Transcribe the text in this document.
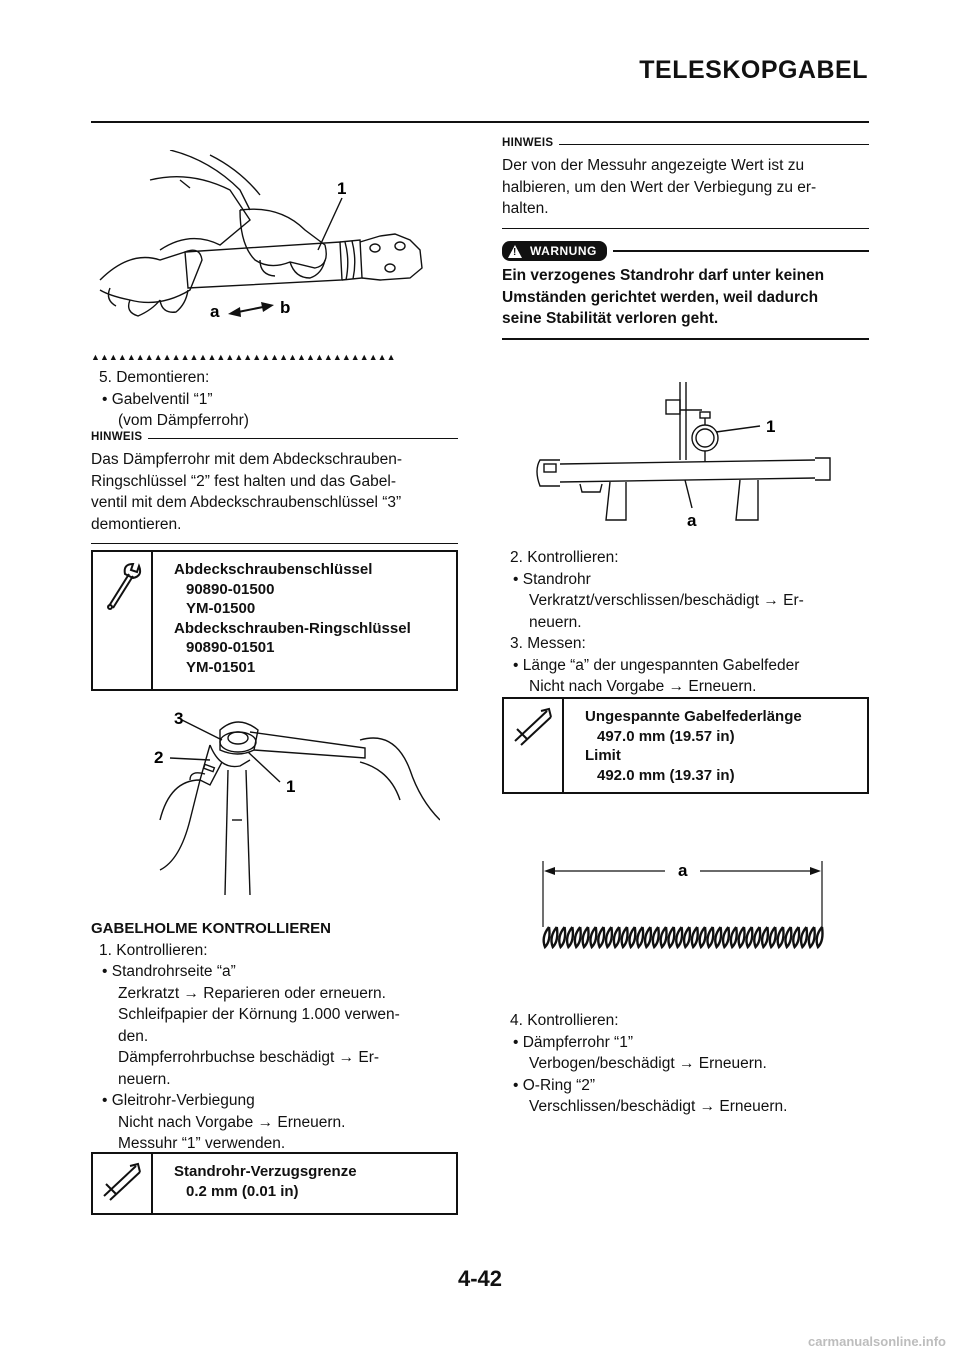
TELESKOPGABEL
1
a	b
▲▲▲▲▲▲▲▲▲▲▲▲▲▲▲▲▲▲▲▲▲▲▲▲▲▲▲▲▲▲▲▲▲▲
5. Demontieren:
• Gabelventil “1”
(vom Dämpferrohr)
HINWEIS
Das Dämpferrohr mit dem Abdeckschrauben-
Ringschlüssel “2” fest halten und das Gabel-
ventil mit dem Abdeckschraubenschlüssel “3”
demontieren.
Abdeckschraubenschlüssel
90890-01500
YM-01500
Abdeckschrauben-Ringschlüssel
90890-01501
YM-01501
3
2
1
GABELHOLME KONTROLLIEREN
1. Kontrollieren:
• Standrohrseite “a”
Zerkratzt → Reparieren oder erneuern.
Schleifpapier der Körnung 1.000 verwen-
den.
Dämpferrohrbuchse beschädigt → Er-
neuern.
• Gleitrohr-Verbiegung
Nicht nach Vorgabe → Erneuern.
Messuhr “1” verwenden.
Standrohr-Verzugsgrenze
0.2 mm (0.01 in)
HINWEIS
Der von der Messuhr angezeigte Wert ist zu
halbieren, um den Wert der Verbiegung zu er-
halten.
! WARNUNG
Ein verzogenes Standrohr darf unter keinen
Umständen gerichtet werden, weil dadurch
seine Stabilität verloren geht.
1
a
2. Kontrollieren:
• Standrohr
Verkratzt/verschlissen/beschädigt → Er-
neuern.
3. Messen:
• Länge “a” der ungespannten Gabelfeder
Nicht nach Vorgabe → Erneuern.
Ungespannte Gabelfederlänge
497.0 mm (19.57 in)
Limit
492.0 mm (19.37 in)
a
4. Kontrollieren:
• Dämpferrohr “1”
Verbogen/beschädigt → Erneuern.
• O-Ring “2”
Verschlissen/beschädigt → Erneuern.
4-42
carmanualsonline.info
